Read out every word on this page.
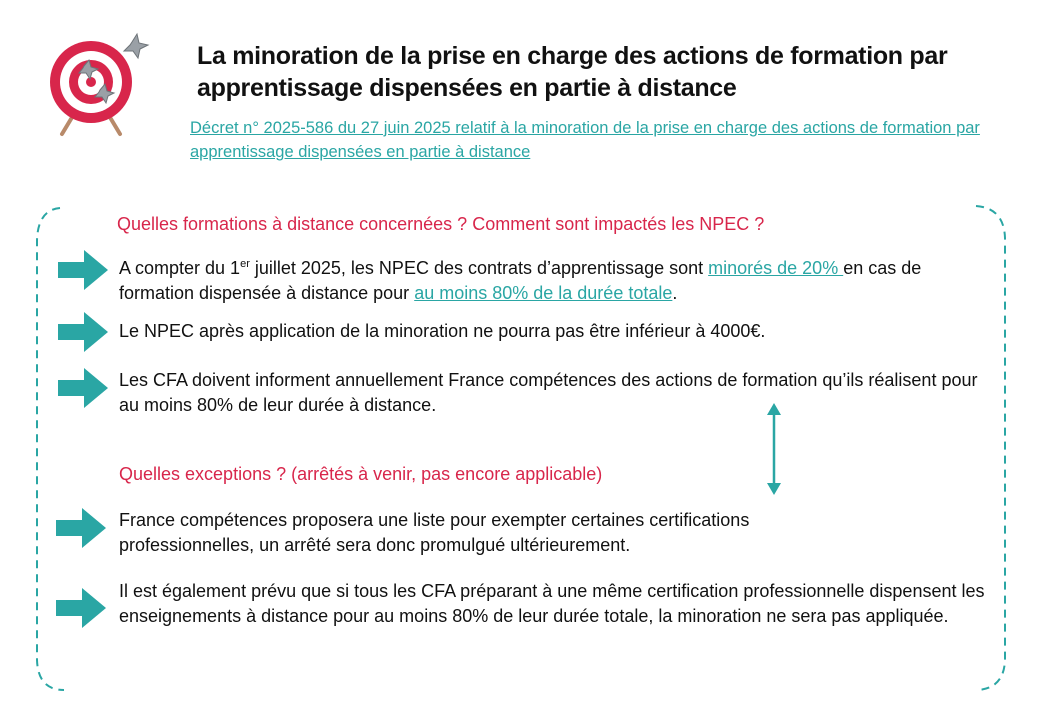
La minoration de la prise en charge des actions de formation par apprentissage dispensées en partie à distance
Décret n° 2025-586 du 27 juin 2025 relatif à la minoration de la prise en charge des actions de formation par apprentissage dispensées en partie à distance
Quelles formations à distance concernées ? Comment sont impactés les NPEC ?
A compter du 1er juillet 2025, les NPEC des contrats d’apprentissage sont minorés de 20% en cas de formation dispensée à distance pour au moins 80% de la durée totale.
Le NPEC après application de la minoration ne pourra pas être inférieur à 4000€.
Les CFA doivent informent annuellement France compétences des actions de formation qu’ils réalisent pour au moins 80% de leur durée à distance.
Quelles exceptions ? (arrêtés à venir, pas encore applicable)
France compétences proposera une liste pour exempter certaines certifications professionnelles, un arrêté sera donc promulgué ultérieurement.
Il est également prévu que si tous les CFA préparant à une même certification professionnelle dispensent les enseignements à distance pour au moins 80% de leur durée totale, la minoration ne sera pas appliquée.
